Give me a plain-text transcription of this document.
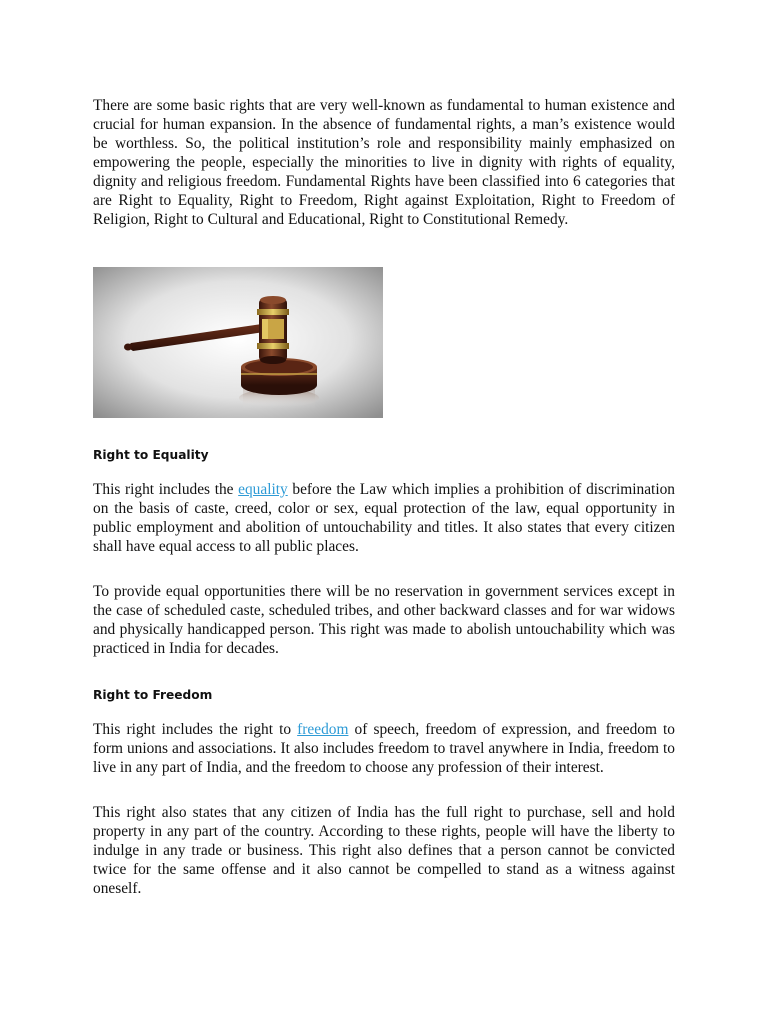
There are some basic rights that are very well-known as fundamental to human existence and crucial for human expansion. In the absence of fundamental rights, a man’s existence would be worthless. So, the political institution’s role and responsibility mainly emphasized on empowering the people, especially the minorities to live in dignity with rights of equality, dignity and religious freedom. Fundamental Rights have been classified into 6 categories that are Right to Equality, Right to Freedom, Right against Exploitation, Right to Freedom of Religion, Right to Cultural and Educational, Right to Constitutional Remedy.

Right to Equality

This right includes the equality before the Law which implies a prohibition of discrimination on the basis of caste, creed, color or sex, equal protection of the law, equal opportunity in public employment and abolition of untouchability and titles. It also states that every citizen shall have equal access to all public places.

To provide equal opportunities there will be no reservation in government services except in the case of scheduled caste, scheduled tribes, and other backward classes and for war widows and physically handicapped person. This right was made to abolish untouchability which was practiced in India for decades.

Right to Freedom

This right includes the right to freedom of speech, freedom of expression, and freedom to form unions and associations. It also includes freedom to travel anywhere in India, freedom to live in any part of India, and the freedom to choose any profession of their interest.

This right also states that any citizen of India has the full right to purchase, sell and hold property in any part of the country. According to these rights, people will have the liberty to indulge in any trade or business. This right also defines that a person cannot be convicted twice for the same offense and it also cannot be compelled to stand as a witness against oneself.
